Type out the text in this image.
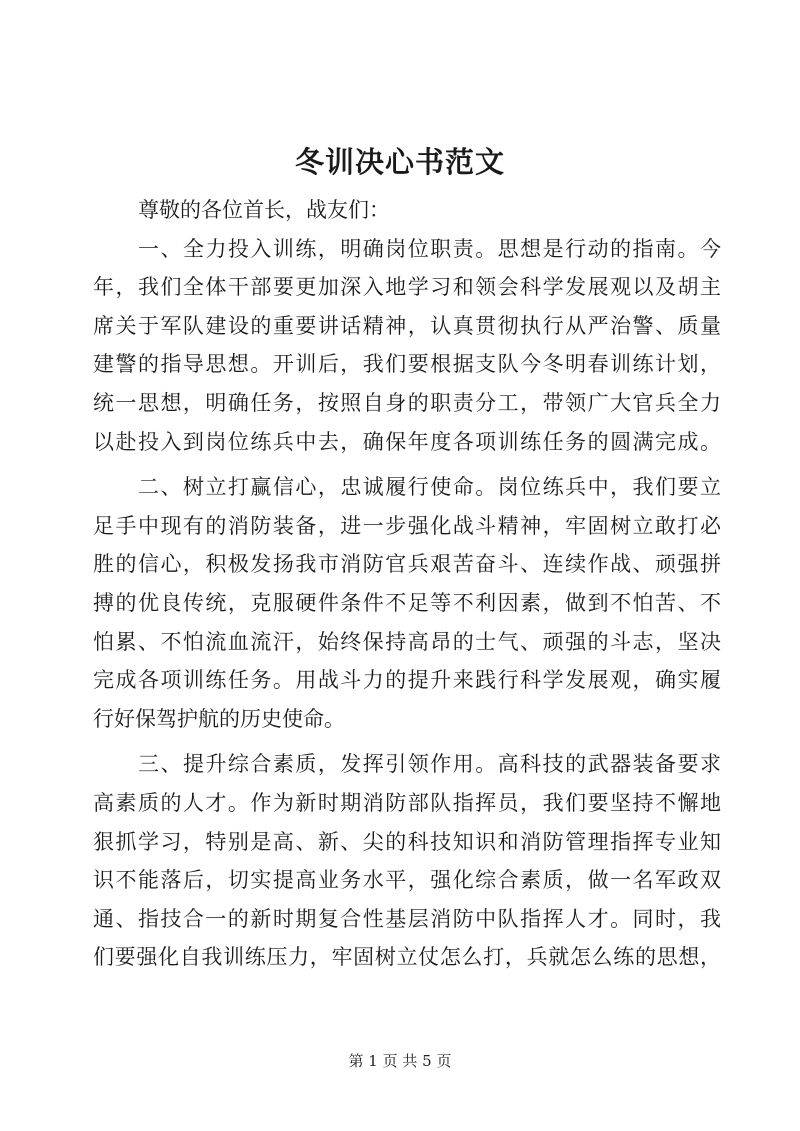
冬训决心书范文
尊敬的各位首长，战友们：
一、全力投入训练，明确岗位职责。思想是行动的指南。今
年，我们全体干部要更加深入地学习和领会科学发展观以及胡主
席关于军队建设的重要讲话精神，认真贯彻执行从严治警、质量
建警的指导思想。开训后，我们要根据支队今冬明春训练计划，
统一思想，明确任务，按照自身的职责分工，带领广大官兵全力
以赴投入到岗位练兵中去，确保年度各项训练任务的圆满完成。
二、树立打赢信心，忠诚履行使命。岗位练兵中，我们要立
足手中现有的消防装备，进一步强化战斗精神，牢固树立敢打必
胜的信心，积极发扬我市消防官兵艰苦奋斗、连续作战、顽强拼
搏的优良传统，克服硬件条件不足等不利因素，做到不怕苦、不
怕累、不怕流血流汗，始终保持高昂的士气、顽强的斗志，坚决
完成各项训练任务。用战斗力的提升来践行科学发展观，确实履
行好保驾护航的历史使命。
三、提升综合素质，发挥引领作用。高科技的武器装备要求
高素质的人才。作为新时期消防部队指挥员，我们要坚持不懈地
狠抓学习，特别是高、新、尖的科技知识和消防管理指挥专业知
识不能落后，切实提高业务水平，强化综合素质，做一名军政双
通、指技合一的新时期复合性基层消防中队指挥人才。同时，我
们要强化自我训练压力，牢固树立仗怎么打，兵就怎么练的思想，
第 1 页 共 5 页
